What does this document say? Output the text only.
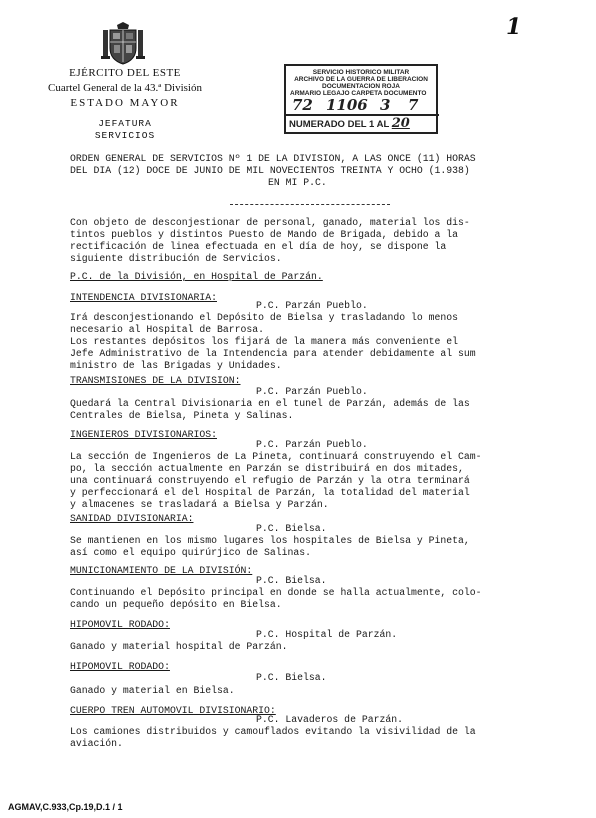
1
EJÉRCITO DEL ESTE
Cuartel General de la 43.ª División
ESTADO MAYOR
JEFATURA
SERVICIOS
SERVICIO HISTORICO MILITAR
ARCHIVO DE LA GUERRA DE LIBERACION
DOCUMENTACION ROJA
ARMARIO LEGAJO CARPETA DOCUMENTO
72 1106 3 7
NUMERADO DEL 1 AL 20
ORDEN GENERAL DE SERVICIOS Nº 1 DE LA DIVISION, A LAS ONCE (11) HORAS
DEL DIA (12) DOCE DE JUNIO DE MIL NOVECIENTOS TREINTA Y OCHO (1.938)
EN MI P.C.
Con objeto de desconjestionar de personal, ganado, material los dis-
tintos pueblos y distintos Puesto de Mando de Brigada, debido a la
rectificación de linea efectuada en el día de hoy, se dispone la
siguiente distribución de Servicios.
P.C. de la División, en Hospital de Parzán.
INTENDENCIA DIVISIONARIA:
P.C. Parzán Pueblo.
Irá desconjestionando el Depósito de Bielsa y trasladando lo menos
necesario al Hospital de Barrosa.
Los restantes depósitos los fijará de la manera más conveniente el
Jefe Administrativo de la Intendencia para atender debidamente al sum
ministro de las Brigadas y Unidades.
TRANSMISIONES DE LA DIVISION:
P.C. Parzán Pueblo.
Quedará la Central Divisionaria en el tunel de Parzán, además de las
Centrales de Bielsa, Pineta y Salinas.
INGENIEROS DIVISIONARIOS:
P.C. Parzán Pueblo.
La sección de Ingenieros de La Pineta, continuará construyendo el Cam-
po, la sección actualmente en Parzán se distribuirá en dos mitades,
una continuará construyendo el refugio de Parzán y la otra terminará
y perfeccionará el del Hospital de Parzán, la totalidad del material
y almacenes se trasladará a Bielsa y Parzán.
SANIDAD DIVISIONARIA:
P.C. Bielsa.
Se mantienen en los mismo lugares los hospitales de Bielsa y Pineta,
así como el equipo quirúrjico de Salinas.
MUNICIONAMIENTO DE LA DIVISIÓN:
P.C. Bielsa.
Continuando el Depósito principal en donde se halla actualmente, colo-
cando un pequeño depósito en Bielsa.
HIPOMOVIL RODADO:
P.C. Hospital de Parzán.
Ganado y material hospital de Parzán.
HIPOMOVIL RODADO:
P.C. Bielsa.
Ganado y material en Bielsa.
CUERPO TREN AUTOMOVIL DIVISIONARIO:
P.C. Lavaderos de Parzán.
Los camiones distribuidos y camouflados evitando la visivilidad de la
aviación.
AGMAV,C.933,Cp.19,D.1 / 1
